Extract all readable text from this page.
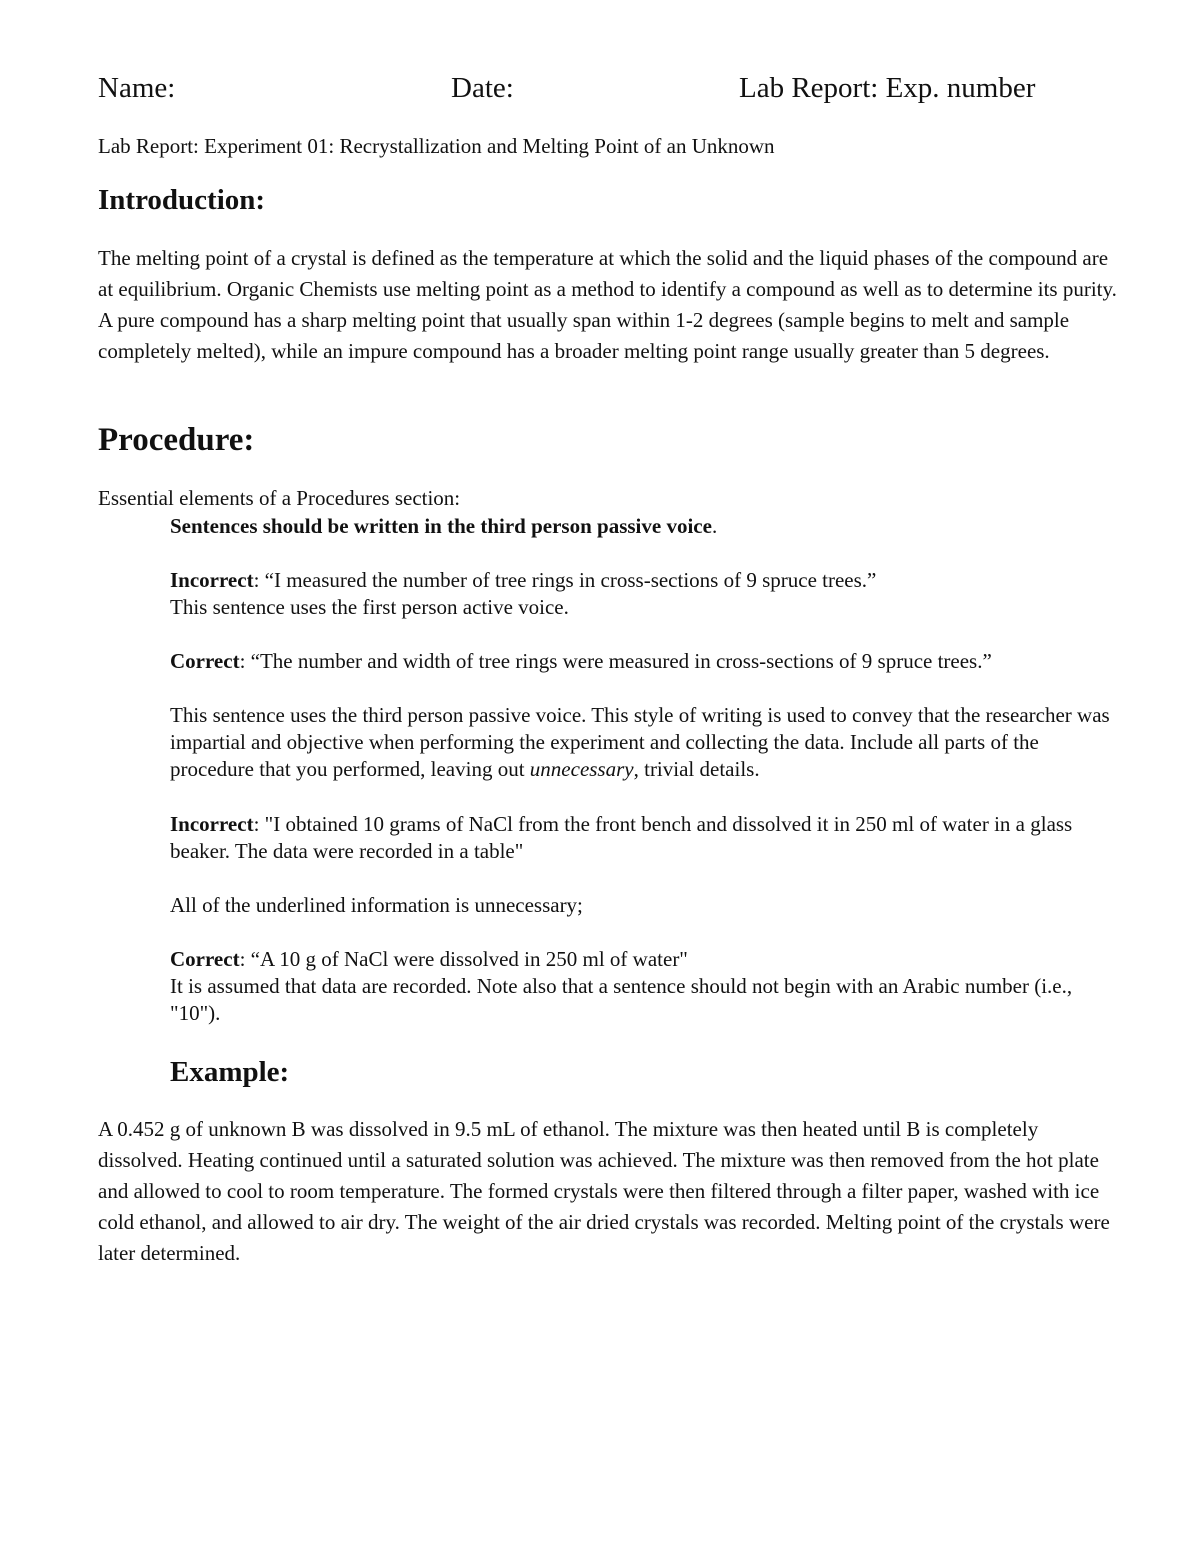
Name:	Date:	Lab Report: Exp. number
Lab Report: Experiment 01: Recrystallization and Melting Point of an Unknown
Introduction:
The melting point of a crystal is defined as the temperature at which the solid and the liquid phases of the compound are at equilibrium. Organic Chemists use melting point as a method to identify a compound as well as to determine its purity. A pure compound has a sharp melting point that usually span within 1-2 degrees (sample begins to melt and sample completely melted), while an impure compound has a broader melting point range usually greater than 5 degrees.
Procedure:
Essential elements of a Procedures section:
Sentences should be written in the third person passive voice.
Incorrect: “I measured the number of tree rings in cross-sections of 9 spruce trees.”
This sentence uses the first person active voice.
Correct: “The number and width of tree rings were measured in cross-sections of 9 spruce trees.”
This sentence uses the third person passive voice. This style of writing is used to convey that the researcher was impartial and objective when performing the experiment and collecting the data. Include all parts of the procedure that you performed, leaving out unnecessary, trivial details.
Incorrect: "I obtained 10 grams of NaCl from the front bench and dissolved it in 250 ml of water in a glass beaker. The data were recorded in a table"
All of the underlined information is unnecessary;
Correct: “A 10 g of NaCl were dissolved in 250 ml of water"
It is assumed that data are recorded. Note also that a sentence should not begin with an Arabic number (i.e., "10").
Example:
A 0.452 g of unknown B was dissolved in 9.5 mL of ethanol. The mixture was then heated until B is completely dissolved. Heating continued until a saturated solution was achieved. The mixture was then removed from the hot plate and allowed to cool to room temperature. The formed crystals were then filtered through a filter paper, washed with ice cold ethanol, and allowed to air dry. The weight of the air dried crystals was recorded. Melting point of the crystals were later determined.
